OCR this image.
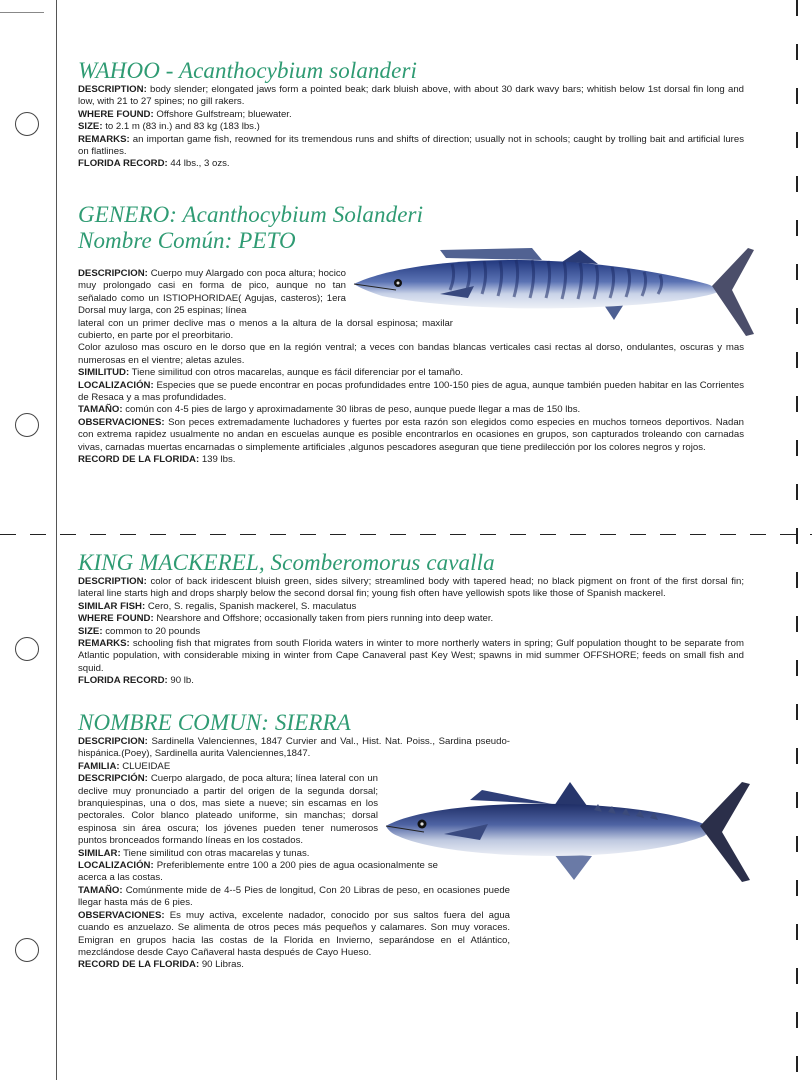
WAHOO - Acanthocybium solanderi

DESCRIPTION: body slender; elongated jaws form a pointed beak; dark bluish above, with about 30 dark wavy bars; whitish below 1st dorsal fin long and low, with 21 to 27 spines; no gill rakers.

WHERE FOUND: Offshore Gulfstream; bluewater.

SIZE: to 2.1 m (83 in.) and 83 kg (183 lbs.)

REMARKS: an importan game fish, reowned for its tremendous runs and shifts of direction; usually not in schools; caught by trolling bait and artificial lures on flatlines.

FLORIDA RECORD: 44 lbs., 3 ozs.

GENERO: Acanthocybium Solanderi
Nombre Común: PETO

DESCRIPCION: Cuerpo muy Alargado con poca altura; hocico muy prolongado casi en forma de pico, aunque no tan señalado como un ISTIOPHORIDAE( Agujas, casteros); 1era Dorsal muy larga, con 25 espinas; línea

lateral con un primer declive mas o menos a la altura de la dorsal espinosa; maxilar cubierto, en parte por el preorbitario.

Color azuloso mas oscuro en le dorso que en la región ventral; a veces con bandas blancas verticales casi rectas al dorso, ondulantes, oscuras y mas numerosas en el vientre; aletas azules.

SIMILITUD: Tiene similitud con otros macarelas, aunque es fácil diferenciar por el tamaño.

LOCALIZACIÓN: Especies que se puede encontrar en pocas profundidades entre 100-150 pies de agua, aunque también pueden habitar en las Corrientes de Resaca y a mas profundidades.

TAMAÑO: común con 4-5 pies de largo y aproximadamente 30 libras de peso, aunque puede llegar a mas de 150 lbs.

OBSERVACIONES: Son peces extremadamente luchadores y fuertes por esta razón son elegidos como especies en muchos torneos deportivos. Nadan con extrema rapidez usualmente no andan en escuelas aunque es posible encontrarlos en ocasiones en grupos, son capturados troleando con carnadas vivas, carnadas muertas encarnadas o simplemente artificiales ,algunos pescadores aseguran que tiene predilección por los colores negros y rojos.

RECORD DE LA FLORIDA: 139 lbs.

KING MACKEREL, Scomberomorus cavalla

DESCRIPTION: color of back iridescent bluish green, sides silvery; streamlined body with tapered head; no black pigment on front of the first dorsal fin; lateral line starts high and drops sharply below the second dorsal fin; young fish often have yellowish spots like those of Spanish mackerel.

SIMILAR FISH: Cero, S. regalis, Spanish mackerel, S. maculatus

WHERE FOUND: Nearshore and Offshore; occasionally taken from piers running into deep water.

SIZE: common to 20 pounds

REMARKS: schooling fish that migrates from south Florida waters in winter to more northerly waters in spring; Gulf population thought to be separate from Atlantic population, with considerable mixing in winter from Cape Canaveral past Key West; spawns in mid summer OFFSHORE; feeds on small fish and squid.

FLORIDA RECORD: 90 lb.

NOMBRE COMUN: SIERRA

DESCRIPCION: Sardinella Valenciennes, 1847 Curvier and Val., Hist. Nat. Poiss., Sardina pseudo- hispánica.(Poey), Sardinella aurita Valenciennes,1847.

FAMILIA: CLUEIDAE

DESCRIPCIÓN: Cuerpo alargado, de poca altura; línea lateral con un declive muy pronunciado a partir del origen de la segunda dorsal; branquiespinas, una o dos, mas siete a nueve; sin escamas en los pectorales. Color blanco plateado uniforme, sin manchas; dorsal espinosa sin área oscura; los jóvenes pueden tener numerosos puntos bronceados formando líneas en los costados.

SIMILAR: Tiene similitud con otras macarelas y tunas.

LOCALIZACIÓN: Preferiblemente entre 100 a 200 pies de agua ocasionalmente se acerca a las costas.

TAMAÑO: Comúnmente mide de 4--5 Pies de longitud, Con 20 Libras de peso, en ocasiones puede llegar hasta más de 6 pies.

OBSERVACIONES: Es muy activa, excelente nadador, conocido por sus saltos fuera del agua cuando es anzuelazo. Se alimenta de otros peces más pequeños y calamares. Son muy voraces. Emigran en grupos hacia las costas de la Florida en Invierno, separándose en el Atlántico, mezclándose desde Cayo Cañaveral hasta después de Cayo Hueso.

RECORD DE LA FLORIDA: 90 Libras.
